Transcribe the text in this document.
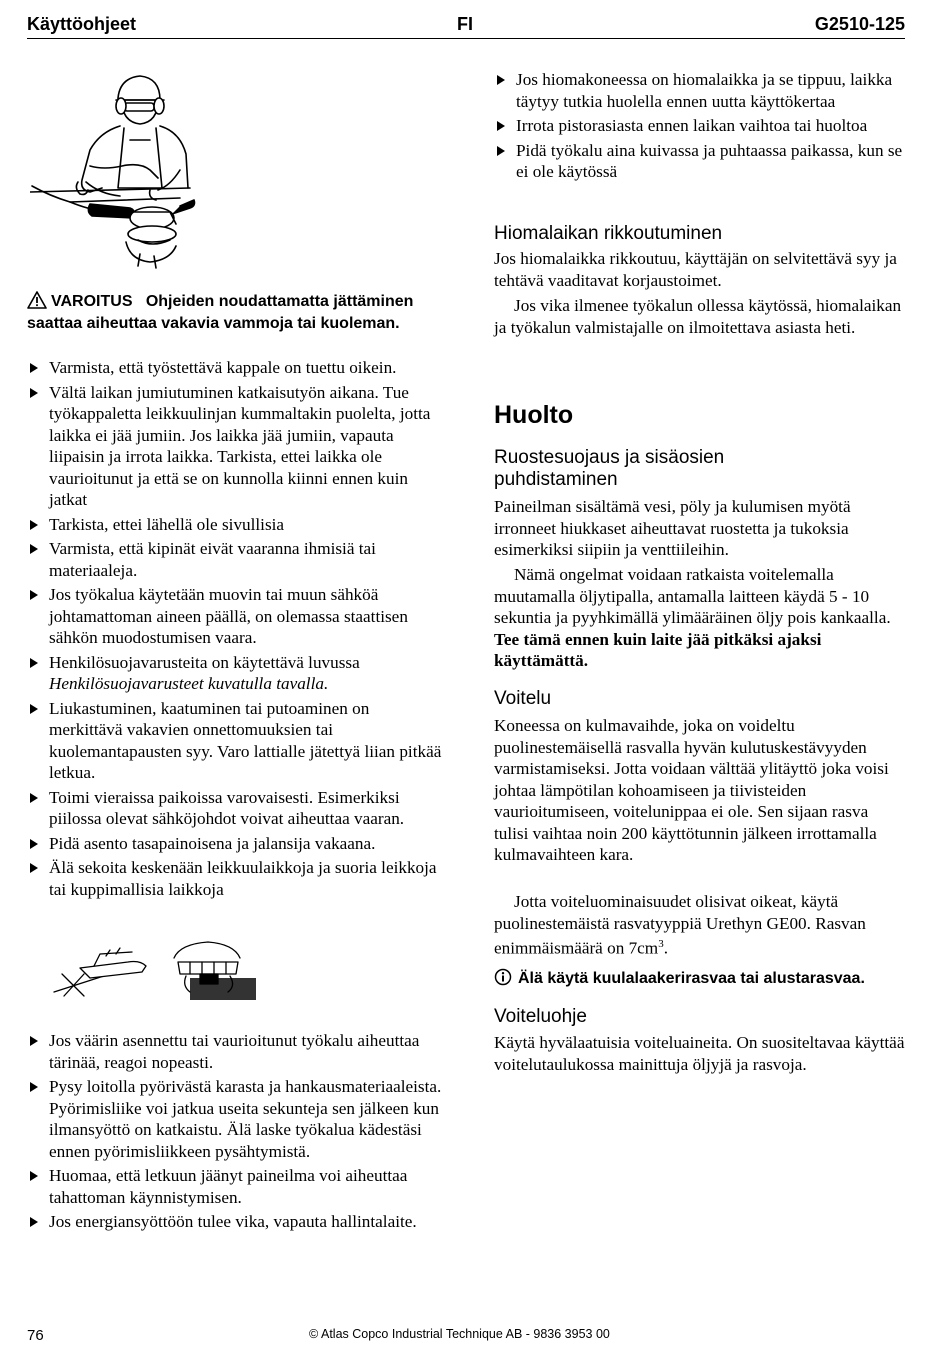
Käyttöohjeet	FI	G2510-125
VAROITUS Ohjeiden noudattamatta jättäminen saattaa aiheuttaa vakavia vammoja tai kuoleman.
Varmista, että työstettävä kappale on tuettu oikein.
Vältä laikan jumiutuminen katkaisutyön aikana. Tue työkappaletta leikkuulinjan kummaltakin puolelta, jotta laikka ei jää jumiin. Jos laikka jää jumiin, vapauta liipaisin ja irrota laikka. Tarkista, ettei laikka ole vaurioitunut ja että se on kunnolla kiinni ennen kuin jatkat
Tarkista, ettei lähellä ole sivullisia
Varmista, että kipinät eivät vaaranna ihmisiä tai materiaaleja.
Jos työkalua käytetään muovin tai muun sähköä johtamattoman aineen päällä, on olemassa staattisen sähkön muodostumisen vaara.
Henkilösuojavarusteita on käytettävä luvussa Henkilösuojavarusteet kuvatulla tavalla.
Liukastuminen, kaatuminen tai putoaminen on merkittävä vakavien onnettomuuksien tai kuolemantapausten syy. Varo lattialle jätettyä liian pitkää letkua.
Toimi vieraissa paikoissa varovaisesti. Esimerkiksi piilossa olevat sähköjohdot voivat aiheuttaa vaaran.
Pidä asento tasapainoisena ja jalansija vakaana.
Älä sekoita keskenään leikkuulaikkoja ja suoria leikkoja tai kuppimallisia laikkoja
Jos väärin asennettu tai vaurioitunut työkalu aiheuttaa tärinää, reagoi nopeasti.
Pysy loitolla pyörivästä karasta ja hankausmateriaaleista. Pyörimisliike voi jatkua useita sekunteja sen jälkeen kun ilmansyöttö on katkaistu. Älä laske työkalua kädestäsi ennen pyörimisliikkeen pysähtymistä.
Huomaa, että letkuun jäänyt paineilma voi aiheuttaa tahattoman käynnistymisen.
Jos energiansyöttöön tulee vika, vapauta hallintalaite.
Jos hiomakoneessa on hiomalaikka ja se tippuu, laikka täytyy tutkia huolella ennen uutta käyttökertaa
Irrota pistorasiasta ennen laikan vaihtoa tai huoltoa
Pidä työkalu aina kuivassa ja puhtaassa paikassa, kun se ei ole käytössä
Hiomalaikan rikkoutuminen

Jos hiomalaikka rikkoutuu, käyttäjän on selvitettävä syy ja tehtävä vaaditavat korjaustoimet.

Jos vika ilmenee työkalun ollessa käytössä, hiomalaikan ja työkalun valmistajalle on ilmoitettava asiasta heti.

Huolto
Ruostesuojaus ja sisäosien puhdistaminen

Paineilman sisältämä vesi, pöly ja kulumisen myötä irronneet hiukkaset aiheuttavat ruostetta ja tukoksia esimerkiksi siipiin ja venttiileihin.

Nämä ongelmat voidaan ratkaista voitelemalla muutamalla öljytipalla, antamalla laitteen käydä 5 - 10 sekuntia ja pyyhkimällä ylimääräinen öljy pois kankaalla. Tee tämä ennen kuin laite jää pitkäksi ajaksi käyttämättä.

Voitelu

Koneessa on kulmavaihde, joka on voideltu puolinestemäisellä rasvalla hyvän kulutuskestävyyden varmistamiseksi. Jotta voidaan välttää ylitäyttö joka voisi johtaa lämpötilan kohoamiseen ja tiivisteiden vaurioitumiseen, voitelunippaa ei ole. Sen sijaan rasva tulisi vaihtaa noin 200 käyttötunnin jälkeen irrottamalla kulmavaihteen kara.

Jotta voiteluominaisuudet olisivat oikeat, käytä puolinestemäistä rasvatyyppiä Urethyn GE00. Rasvan enimmäismäärä on $7cm^3$.

Älä käytä kuulalaakerirasvaa tai alustarasvaa.
Voiteluohje

Käytä hyvälaatuisia voiteluaineita. On suositeltavaa käyttää voitelutaulukossa mainittuja öljyjä ja rasvoja.

76	© Atlas Copco Industrial Technique AB - 9836 3953 00
